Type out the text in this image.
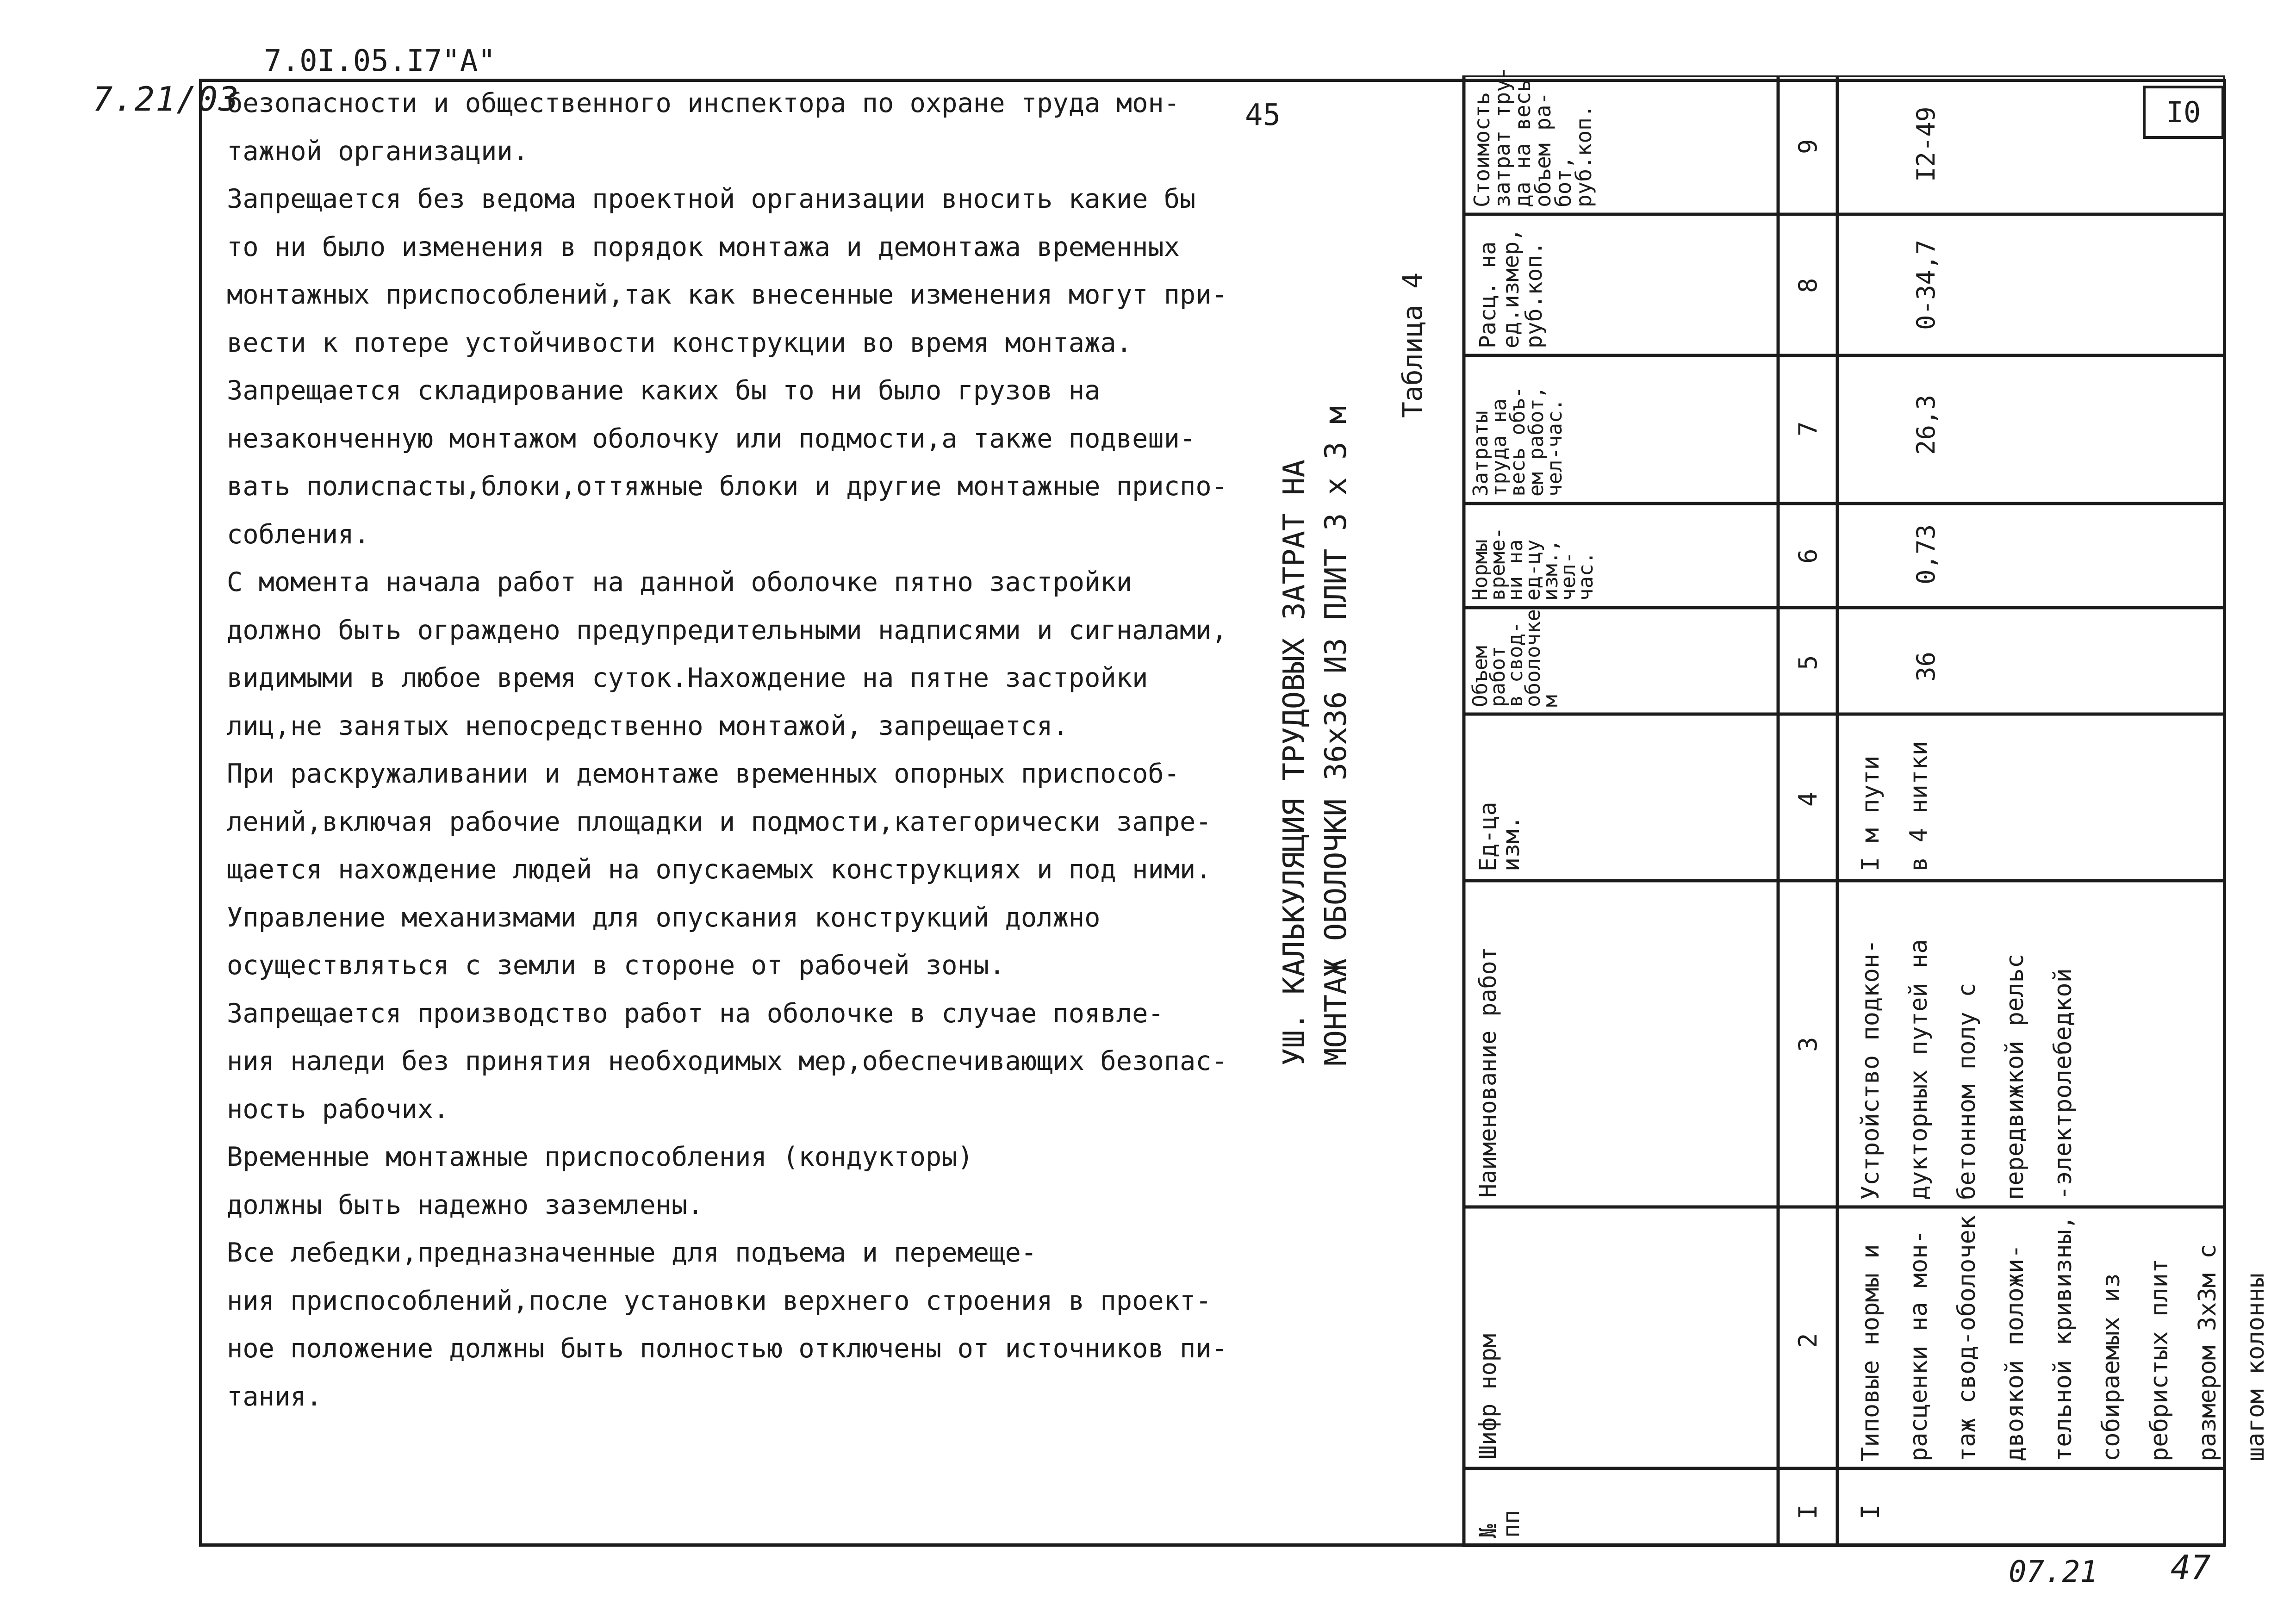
7.0I.05.I7"А"
7.21/03	45	I0

безопасности и общественного инспектора по охране труда мон-

тажной организации.

Запрещается без ведома проектной организации вносить какие бы

то ни было изменения в порядок монтажа и демонтажа временных

монтажных приспособлений,так как внесенные изменения могут при-

вести к потере устойчивости конструкции во время монтажа.

Запрещается складирование каких бы то ни было грузов на

незаконченную монтажом оболочку или подмости,а также подвеши-

вать полиспасты,блоки,оттяжные блоки и другие монтажные приспо-

собления.

С момента начала работ на данной оболочке пятно застройки

должно быть ограждено предупредительными надписями и сигналами,

видимыми в любое время суток.Нахождение на пятне застройки

лиц,не занятых непосредственно монтажой, запрещается.

При раскружаливании и демонтаже временных опорных приспособ-

лений,включая рабочие площадки и подмости,категорически запре-

щается нахождение людей на опускаемых конструкциях и под ними.

Управление механизмами для опускания конструкций должно

осуществляться с земли в стороне от рабочей зоны.

Запрещается производство работ на оболочке в случае появле-

ния наледи без принятия необходимых мер,обеспечивающих безопас-

ность рабочих.

Временные монтажные приспособления (кондукторы)

должны быть надежно заземлены.

Все лебедки,предназначенные для подъема и перемеще-

ния приспособлений,после установки верхнего строения в проект-

ное положение должны быть полностью отключены от источников пи-

тания.

УШ. КАЛЬКУЛЯЦИЯ ТРУДОВЫХ ЗАТРАТ НА МОНТАЖ ОБОЛОЧКИ 36х36 ИЗ ПЛИТ 3 х 3 м
Таблица 4
№
пп
Шифр норм
Наименование работ
Ед-ца
изм.
Объем
работ
в свод-
оболочке
м
Нормы
време-
ни на
ед-цу
изм.,
чел-
час.
Затраты
труда на
весь объ-
ем работ,
чел-час.
Расц. на
ед.измер,
руб.коп.
Стоимость
затрат тру-
да на весь
объем ра-
бот,
руб.коп.
I
2
3
4
5
6
7
8
9
I
Типовые нормы и расценки на мон- таж свод-оболочек двоякой положи- тельной кривизны, собираемых из ребристых плит размером 3х3м с шагом колонны
Устройство подкон- дукторных путей на бетонном полу с передвижкой рельс -электролебедкой
I м пути в 4 нитки
36
0,73
26,3
0-34,7
I2-49
07.21 47
